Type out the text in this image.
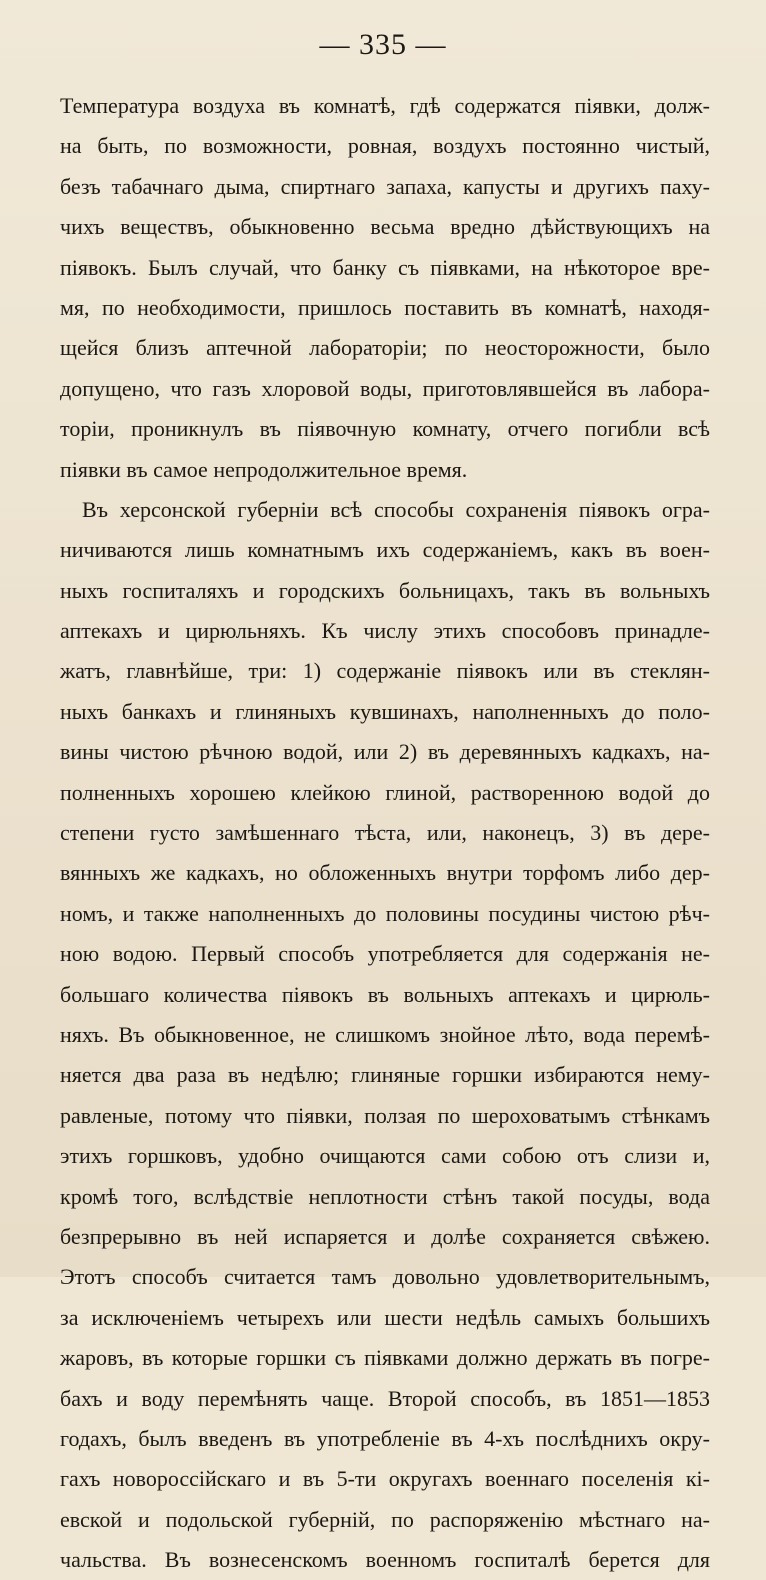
— 335 —
Температура воздуха въ комнатѣ, гдѣ содержатся піявки, долж-
на быть, по возможности, ровная, воздухъ постоянно чистый,
безъ табачнаго дыма, спиртнаго запаха, капусты и другихъ паху-
чихъ веществъ, обыкновенно весьма вредно дѣйствующихъ на
піявокъ. Былъ случай, что банку съ піявками, на нѣкоторое вре-
мя, по необходимости, пришлось поставить въ комнатѣ, находя-
щейся близъ аптечной лабораторіи; по неосторожности, было
допущено, что газъ хлоровой воды, приготовлявшейся въ лабора-
торіи, проникнулъ въ піявочную комнату, отчего погибли всѣ
піявки въ самое непродолжительное время.
Въ херсонской губерніи всѣ способы сохраненія піявокъ огра-
ничиваются лишь комнатнымъ ихъ содержаніемъ, какъ въ воен-
ныхъ госпиталяхъ и городскихъ больницахъ, такъ въ вольныхъ
аптекахъ и цирюльняхъ. Къ числу этихъ способовъ принадле-
жатъ, главнѣйше, три: 1) содержаніе піявокъ или въ стеклян-
ныхъ банкахъ и глиняныхъ кувшинахъ, наполненныхъ до поло-
вины чистою рѣчною водой, или 2) въ деревянныхъ кадкахъ, на-
полненныхъ хорошею клейкою глиной, растворенною водой до
степени густо замѣшеннаго тѣста, или, наконецъ, 3) въ дере-
вянныхъ же кадкахъ, но обложенныхъ внутри торфомъ либо дер-
номъ, и также наполненныхъ до половины посудины чистою рѣч-
ною водою. Первый способъ употребляется для содержанія не-
большаго количества піявокъ въ вольныхъ аптекахъ и цирюль-
няхъ. Въ обыкновенное, не слишкомъ знойное лѣто, вода перемѣ-
няется два раза въ недѣлю; глиняные горшки избираются нему-
равленые, потому что піявки, ползая по шероховатымъ стѣнкамъ
этихъ горшковъ, удобно очищаются сами собою отъ слизи и,
кромѣ того, вслѣдствіе неплотности стѣнъ такой посуды, вода
безпрерывно въ ней испаряется и долѣе сохраняется свѣжею.
Этотъ способъ считается тамъ довольно удовлетворительнымъ,
за исключеніемъ четырехъ или шести недѣль самыхъ большихъ
жаровъ, въ которые горшки съ піявками должно держать въ погре-
бахъ и воду перемѣнять чаще. Второй способъ, въ 1851—1853
годахъ, былъ введенъ въ употребленіе въ 4-хъ послѣднихъ окру-
гахъ новороссійскаго и въ 5-ти округахъ военнаго поселенія кі-
евской и подольской губерній, по распоряженію мѣстнаго на-
чальства. Въ вознесенскомъ военномъ госпиталѣ берется для
